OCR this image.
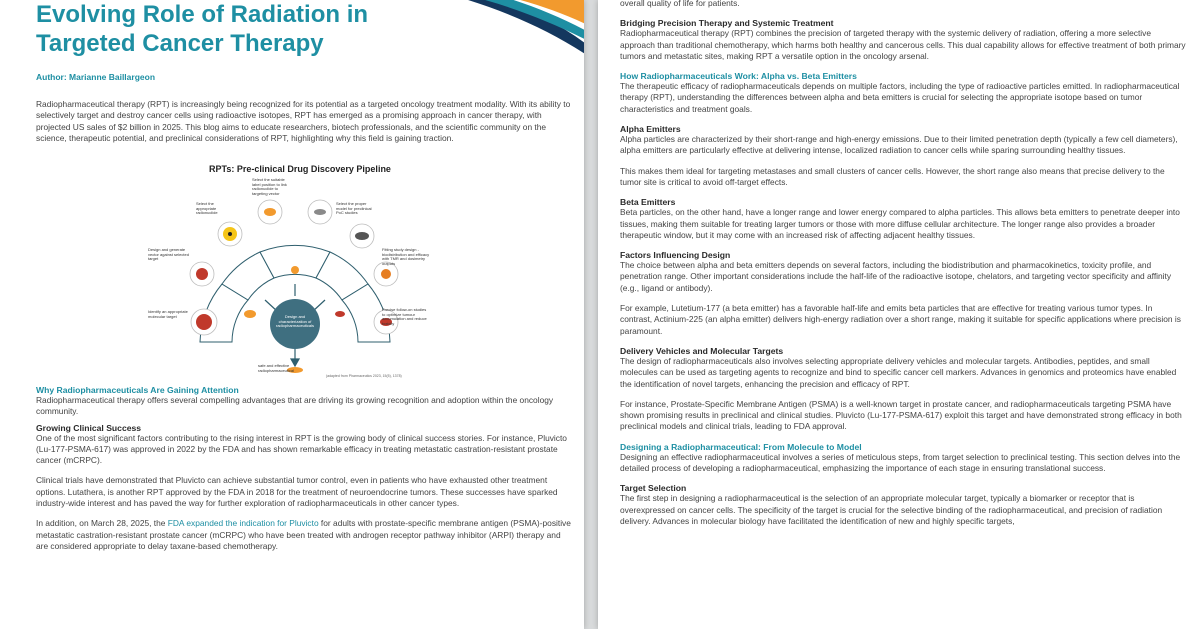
Evolving Role of Radiation in
Targeted Cancer Therapy
Author: Marianne Baillargeon
Radiopharmaceutical therapy (RPT) is increasingly being recognized for its potential as a targeted oncology treatment modality. With its ability to selectively target and destroy cancer cells using radioactive isotopes, RPT has emerged as a promising approach in cancer therapy, with projected US sales of $2 billion in 2025. This blog aims to educate researchers, biotech professionals, and the scientific community on the science, therapeutic potential, and preclinical considerations of RPT, highlighting why this field is gaining traction.
RPTs: Pre-clinical Drug Discovery Pipeline
Design and characterization of radiopharmaceuticals
Select the suitable label position to link radionuclide to targeting vector
Select the appropriate radionuclide
Select the proper model for preclinical PoC studies
Design and generate vector against selected target
Fitting study design - biodistribution and efficacy with TMR and dosimetry outputs
Identify an appropriate molecular target
Precise follow-on studies to optimize tumour accumulation and reduce toxicity
safe and effective radiopharmaceutical
(adapted from Pharmaceutics 2023, 15(5), 1378)

Why Radiopharmaceuticals Are Gaining Attention

Radiopharmaceutical therapy offers several compelling advantages that are driving its growing recognition and adoption within the oncology community.

Growing Clinical Success

One of the most significant factors contributing to the rising interest in RPT is the growing body of clinical success stories. For instance, Pluvicto (Lu-177-PSMA-617) was approved in 2022 by the FDA and has shown remarkable efficacy in treating metastatic castration-resistant prostate cancer (mCRPC).

Clinical trials have demonstrated that Pluvicto can achieve substantial tumor control, even in patients who have exhausted other treatment options. Lutathera, is another RPT approved by the FDA in 2018 for the treatment of neuroendocrine tumors. These successes have sparked industry-wide interest and has paved the way for further exploration of radiopharmaceuticals in other cancer types.

In addition, on March 28, 2025, the FDA expanded the indication for Pluvicto for adults with prostate-specific membrane antigen (PSMA)-positive metastatic castration-resistant prostate cancer (mCRPC) who have been treated with androgen receptor pathway inhibitor (ARPI) therapy and are considered appropriate to delay taxane-based chemotherapy.

overall quality of life for patients.

Bridging Precision Therapy and Systemic Treatment

Radiopharmaceutical therapy (RPT) combines the precision of targeted therapy with the systemic delivery of radiation, offering a more selective approach than traditional chemotherapy, which harms both healthy and cancerous cells. This dual capability allows for effective treatment of both primary tumors and metastatic sites, making RPT a versatile option in the oncology arsenal.

How Radiopharmaceuticals Work: Alpha vs. Beta Emitters

The therapeutic efficacy of radiopharmaceuticals depends on multiple factors, including the type of radioactive particles emitted. In radiopharmaceutical therapy (RPT), understanding the differences between alpha and beta emitters is crucial for selecting the appropriate isotope based on tumor characteristics and treatment goals.

Alpha Emitters

Alpha particles are characterized by their short-range and high-energy emissions. Due to their limited penetration depth (typically a few cell diameters), alpha emitters are particularly effective at delivering intense, localized radiation to cancer cells while sparing surrounding healthy tissues.

This makes them ideal for targeting metastases and small clusters of cancer cells. However, the short range also means that precise delivery to the tumor site is critical to avoid off-target effects.

Beta Emitters

Beta particles, on the other hand, have a longer range and lower energy compared to alpha particles. This allows beta emitters to penetrate deeper into tissues, making them suitable for treating larger tumors or those with more diffuse cellular architecture. The longer range also provides a broader therapeutic window, but it may come with an increased risk of affecting adjacent healthy tissues.

Factors Influencing Design

The choice between alpha and beta emitters depends on several factors, including the biodistribution and pharmacokinetics, toxicity profile, and penetration range. Other important considerations include the half-life of the radioactive isotope, chelators, and targeting vector specificity and affinity (e.g., ligand or antibody).

For example, Lutetium-177 (a beta emitter) has a favorable half-life and emits beta particles that are effective for treating various tumor types. In contrast, Actinium-225 (an alpha emitter) delivers high-energy radiation over a short range, making it suitable for specific applications where precision is paramount.

Delivery Vehicles and Molecular Targets

The design of radiopharmaceuticals also involves selecting appropriate delivery vehicles and molecular targets. Antibodies, peptides, and small molecules can be used as targeting agents to recognize and bind to specific cancer cell markers. Advances in genomics and proteomics have enabled the identification of novel targets, enhancing the precision and efficacy of RPT.

For instance, Prostate-Specific Membrane Antigen (PSMA) is a well-known target in prostate cancer, and radiopharmaceuticals targeting PSMA have shown promising results in preclinical and clinical studies. Pluvicto (Lu-177-PSMA-617) exploit this target and have demonstrated strong efficacy in both preclinical models and clinical trials, leading to FDA approval.

Designing a Radiopharmaceutical: From Molecule to Model

Designing an effective radiopharmaceutical involves a series of meticulous steps, from target selection to preclinical testing. This section delves into the detailed process of developing a radiopharmaceutical, emphasizing the importance of each stage in ensuring translational success.

Target Selection

The first step in designing a radiopharmaceutical is the selection of an appropriate molecular target, typically a biomarker or receptor that is overexpressed on cancer cells. The specificity of the target is crucial for the selective binding of the radiopharmaceutical, and precision of radiation delivery. Advances in molecular biology have facilitated the identification of new and highly specific targets,
